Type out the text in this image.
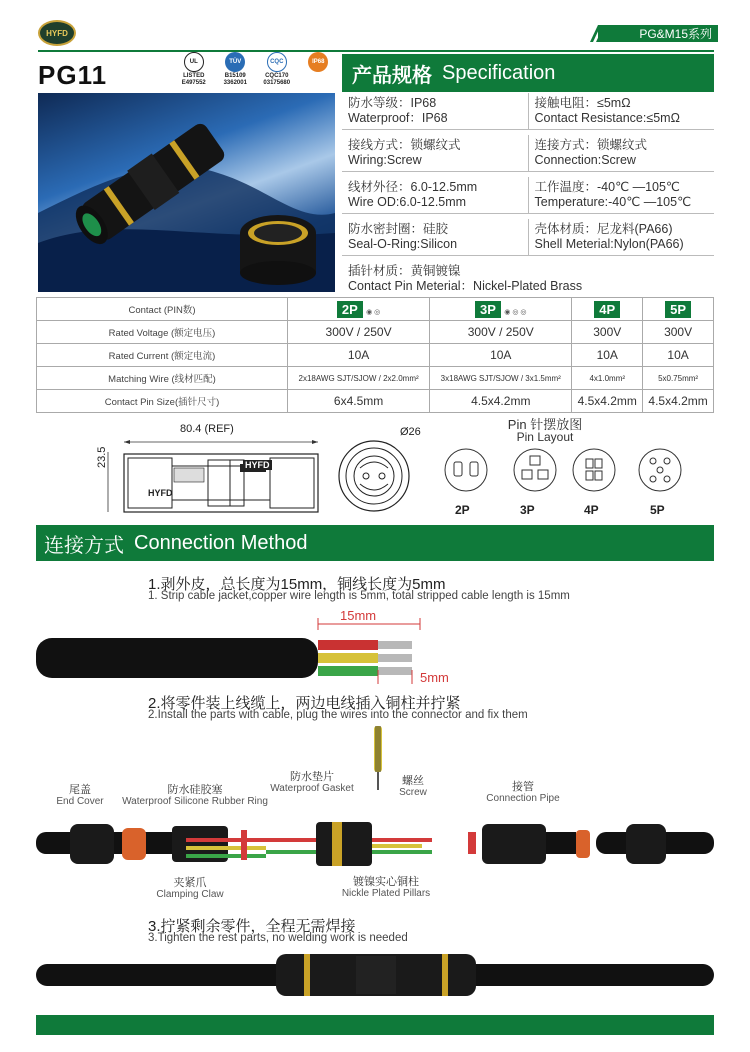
HYFD	PG&M15系列
PG11	UL
LISTED
E497552
TÜV
B15109
3362001
CQC
CQC170
03175680
IP68
产品规格 Specification
防水等级：IP68
Waterproof：IP68
接触电阻：≤5mΩ
Contact Resistance:≤5mΩ
接线方式：锁螺纹式
Wiring:Screw
连接方式：锁螺纹式
Connection:Screw
线材外径：6.0-12.5mm
Wire OD:6.0-12.5mm
工作温度：-40℃ —105℃
Temperature:-40℃ —105℃
防水密封圈：硅胶
Seal-O-Ring:Silicon
壳体材质：尼龙料(PA66)
Shell Meterial:Nylon(PA66)
插针材质：黄铜镀镍
Contact Pin Meterial：Nickel-Plated Brass
Contact (PIN数)	2P ◉ ◎	3P ◉ ◎ ◎	4P	5P
Rated Voltage (额定电压)	300V / 250V	300V / 250V	300V	300V
Rated Current (额定电流)	10A	10A	10A	10A
Matching Wire (线材匹配)	2x18AWG SJT/SJOW / 2x2.0mm²	3x18AWG SJT/SJOW / 3x1.5mm²	4x1.0mm²	5x0.75mm²
Contact Pin Size(插针尺寸)	6x4.5mm	4.5x4.2mm	4.5x4.2mm	4.5x4.2mm
80.4 (REF)
23.5
HYFD
HYFD
Ø26	Pin 针摆放图
Pin Layout
2P	3P	4P	5P
连接方式 Connection Method
1.剥外皮，总长度为15mm，铜线长度为5mm
1. Strip cable jacket,copper wire length is 5mm, total stripped cable length is 15mm
15mm
5mm
2.将零件装上线缆上，两边电线插入铜柱并拧紧
2.Install the parts with cable, plug the wires into the connector and fix them
尾盖
End Cover
防水硅胶塞
Waterproof Silicone Rubber Ring
防水垫片
Waterproof Gasket
螺丝
Screw	接管
Connection Pipe
夹紧爪
Clamping Claw
镀镍实心铜柱
Nickle Plated Pillars
3.拧紧剩余零件，全程无需焊接
3.Tighten the rest parts, no welding work is needed
